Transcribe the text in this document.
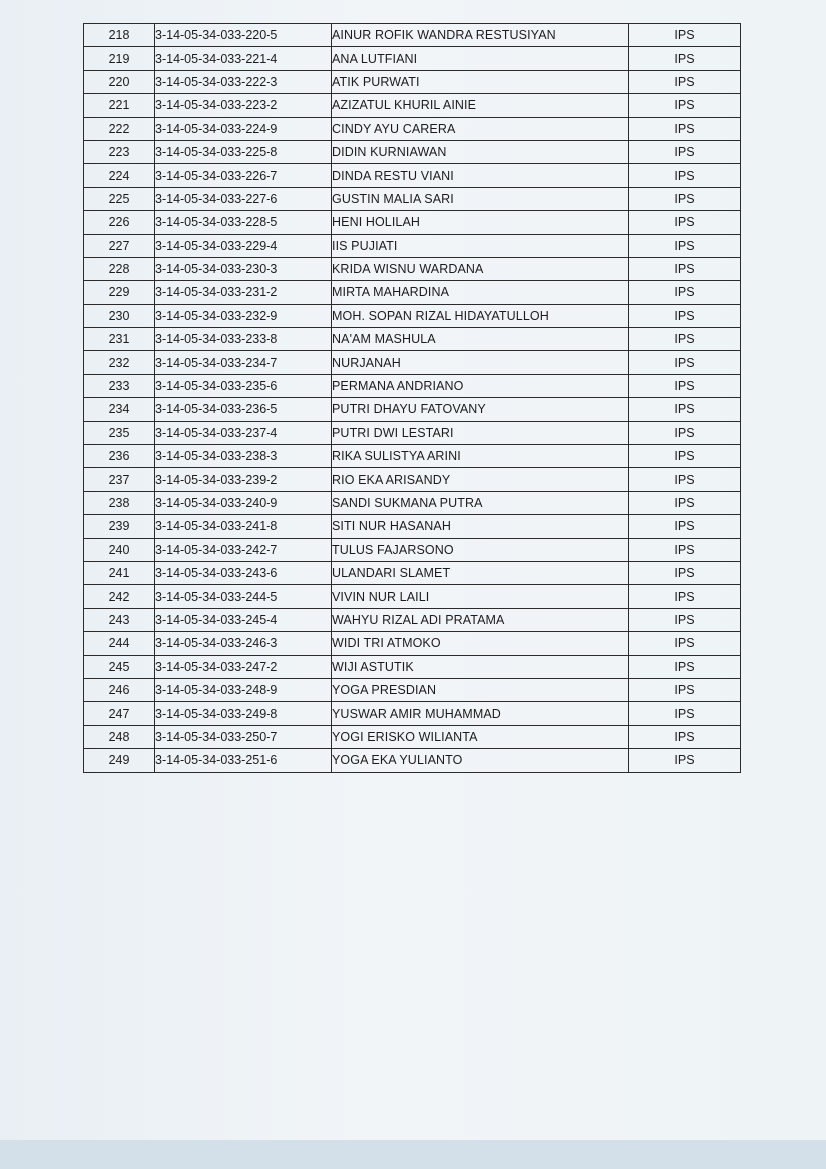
218	3-14-05-34-033-220-5	AINUR ROFIK WANDRA RESTUSIYAN	IPS
219	3-14-05-34-033-221-4	ANA LUTFIANI	IPS
220	3-14-05-34-033-222-3	ATIK PURWATI	IPS
221	3-14-05-34-033-223-2	AZIZATUL KHURIL AINIE	IPS
222	3-14-05-34-033-224-9	CINDY AYU CARERA	IPS
223	3-14-05-34-033-225-8	DIDIN KURNIAWAN	IPS
224	3-14-05-34-033-226-7	DINDA RESTU VIANI	IPS
225	3-14-05-34-033-227-6	GUSTIN MALIA SARI	IPS
226	3-14-05-34-033-228-5	HENI HOLILAH	IPS
227	3-14-05-34-033-229-4	IIS PUJIATI	IPS
228	3-14-05-34-033-230-3	KRIDA WISNU WARDANA	IPS
229	3-14-05-34-033-231-2	MIRTA MAHARDINA	IPS
230	3-14-05-34-033-232-9	MOH. SOPAN RIZAL HIDAYATULLOH	IPS
231	3-14-05-34-033-233-8	NA'AM MASHULA	IPS
232	3-14-05-34-033-234-7	NURJANAH	IPS
233	3-14-05-34-033-235-6	PERMANA ANDRIANO	IPS
234	3-14-05-34-033-236-5	PUTRI DHAYU FATOVANY	IPS
235	3-14-05-34-033-237-4	PUTRI DWI LESTARI	IPS
236	3-14-05-34-033-238-3	RIKA SULISTYA ARINI	IPS
237	3-14-05-34-033-239-2	RIO EKA ARISANDY	IPS
238	3-14-05-34-033-240-9	SANDI SUKMANA PUTRA	IPS
239	3-14-05-34-033-241-8	SITI NUR HASANAH	IPS
240	3-14-05-34-033-242-7	TULUS FAJARSONO	IPS
241	3-14-05-34-033-243-6	ULANDARI SLAMET	IPS
242	3-14-05-34-033-244-5	VIVIN NUR LAILI	IPS
243	3-14-05-34-033-245-4	WAHYU RIZAL ADI PRATAMA	IPS
244	3-14-05-34-033-246-3	WIDI TRI ATMOKO	IPS
245	3-14-05-34-033-247-2	WIJI ASTUTIK	IPS
246	3-14-05-34-033-248-9	YOGA PRESDIAN	IPS
247	3-14-05-34-033-249-8	YUSWAR AMIR MUHAMMAD	IPS
248	3-14-05-34-033-250-7	YOGI ERISKO WILIANTA	IPS
249	3-14-05-34-033-251-6	YOGA EKA YULIANTO	IPS
